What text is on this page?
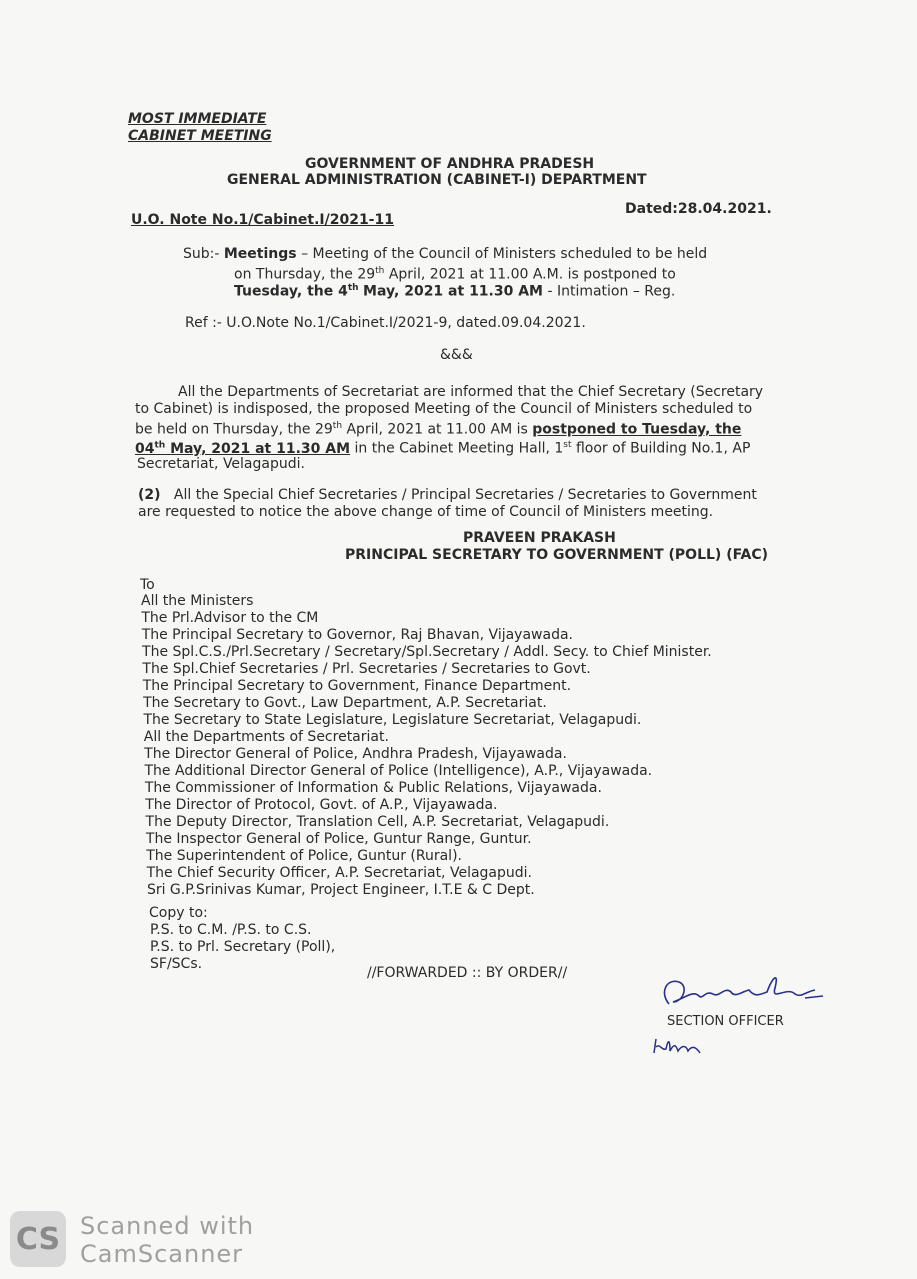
MOST IMMEDIATE
CABINET MEETING
GOVERNMENT OF ANDHRA PRADESH
GENERAL ADMINISTRATION (CABINET-I) DEPARTMENT
U.O. Note No.1/Cabinet.I/2021-11
Dated:28.04.2021.
Sub:- Meetings – Meeting of the Council of Ministers scheduled to be held
on Thursday, the 29th April, 2021 at 11.00 A.M. is postponed to
Tuesday, the 4th May, 2021 at 11.30 AM - Intimation – Reg.
Ref :- U.O.Note No.1/Cabinet.I/2021-9, dated.09.04.2021.
&&&
All the Departments of Secretariat are informed that the Chief Secretary (Secretary
to Cabinet) is indisposed, the proposed Meeting of the Council of Ministers scheduled to
be held on Thursday, the 29th April, 2021 at 11.00 AM is postponed to Tuesday, the
04th May, 2021 at 11.30 AM in the Cabinet Meeting Hall, 1st floor of Building No.1, AP
Secretariat, Velagapudi.
(2) All the Special Chief Secretaries / Principal Secretaries / Secretaries to Government
are requested to notice the above change of time of Council of Ministers meeting.
PRAVEEN PRAKASH
PRINCIPAL SECRETARY TO GOVERNMENT (POLL) (FAC)
To
All the Ministers
The Prl.Advisor to the CM
The Principal Secretary to Governor, Raj Bhavan, Vijayawada.
The Spl.C.S./Prl.Secretary / Secretary/Spl.Secretary / Addl. Secy. to Chief Minister.
The Spl.Chief Secretaries / Prl. Secretaries / Secretaries to Govt.
The Principal Secretary to Government, Finance Department.
The Secretary to Govt., Law Department, A.P. Secretariat.
The Secretary to State Legislature, Legislature Secretariat, Velagapudi.
All the Departments of Secretariat.
The Director General of Police, Andhra Pradesh, Vijayawada.
The Additional Director General of Police (Intelligence), A.P., Vijayawada.
The Commissioner of Information & Public Relations, Vijayawada.
The Director of Protocol, Govt. of A.P., Vijayawada.
The Deputy Director, Translation Cell, A.P. Secretariat, Velagapudi.
The Inspector General of Police, Guntur Range, Guntur.
The Superintendent of Police, Guntur (Rural).
The Chief Security Officer, A.P. Secretariat, Velagapudi.
Sri G.P.Srinivas Kumar, Project Engineer, I.T.E & C Dept.
Copy to:
P.S. to C.M. /P.S. to C.S.
P.S. to Prl. Secretary (Poll),
SF/SCs.
//FORWARDED :: BY ORDER//
SECTION OFFICER
CS Scanned with
CamScanner
